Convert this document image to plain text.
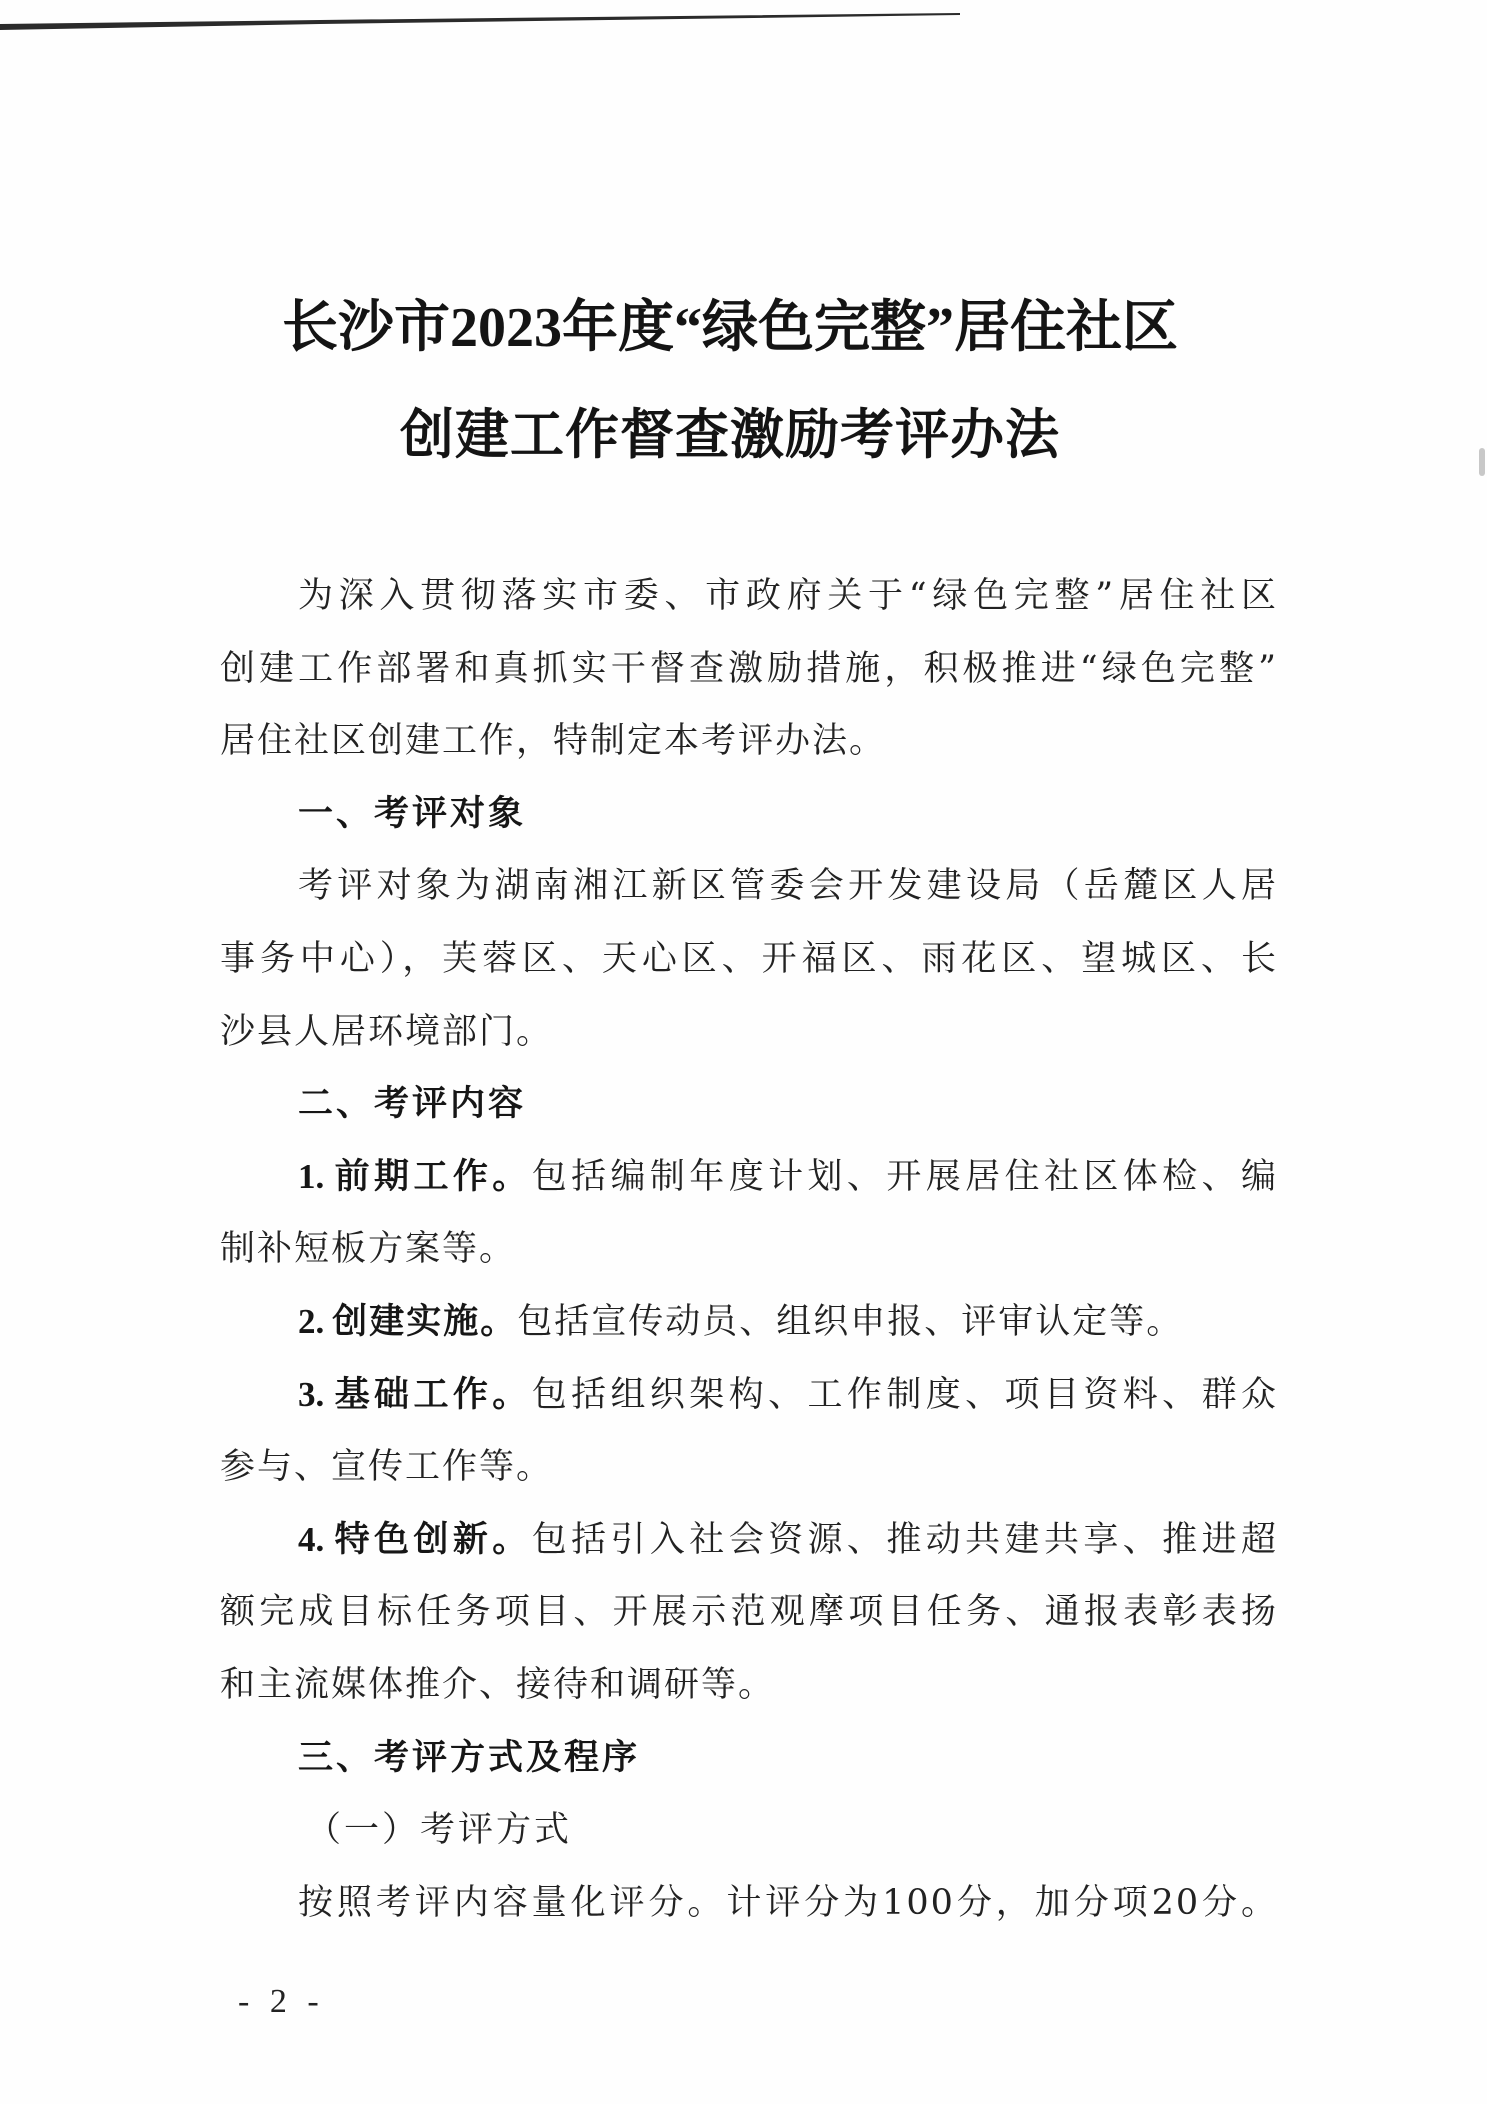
长沙市2023年度“绿色完整”居住社区
创建工作督查激励考评办法
为深入贯彻落实市委、市政府关于“绿色完整”居住社区
创建工作部署和真抓实干督查激励措施，积极推进“绿色完整”
居住社区创建工作，特制定本考评办法。
一、考评对象
考评对象为湖南湘江新区管委会开发建设局（岳麓区人居
事务中心），芙蓉区、天心区、开福区、雨花区、望城区、长
沙县人居环境部门。
二、考评内容
1. 前期工作。包括编制年度计划、开展居住社区体检、编
制补短板方案等。
2. 创建实施。包括宣传动员、组织申报、评审认定等。
3. 基础工作。包括组织架构、工作制度、项目资料、群众
参与、宣传工作等。
4. 特色创新。包括引入社会资源、推动共建共享、推进超
额完成目标任务项目、开展示范观摩项目任务、通报表彰表扬
和主流媒体推介、接待和调研等。
三、考评方式及程序
（一）考评方式
按照考评内容量化评分。计评分为100分，加分项20分。
- 2 -
